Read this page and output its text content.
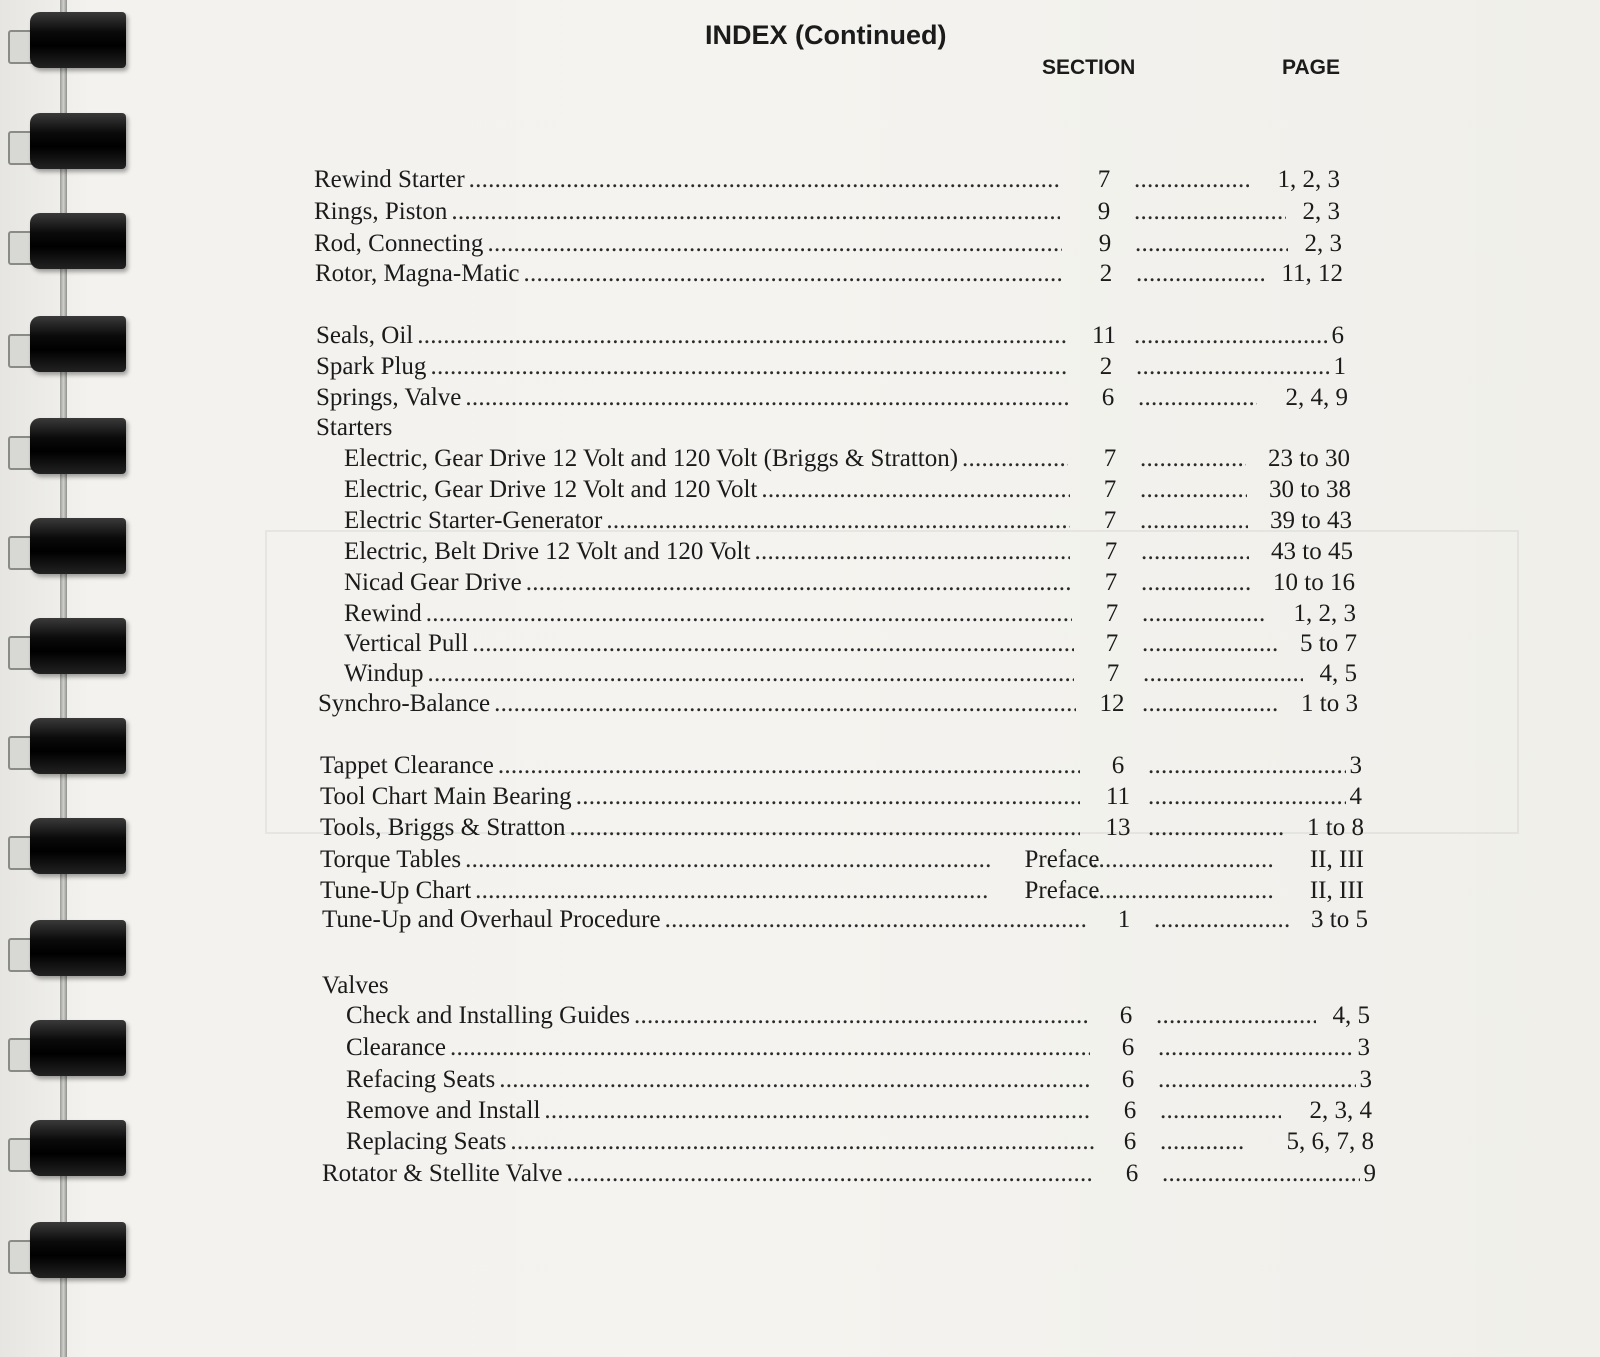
INDEX (Continued)
SECTION	PAGE
Rewind Starter . . .	7 . . .	1, 2, 3
Rings, Piston . . .	9 . . .	2, 3
Rod, Connecting . . .	9 . . .	2, 3
Rotor, Magna-Matic . . .	2 . . .	11, 12
Seals, Oil . . .	11 . . .	6
Spark Plug . . .	2 . . .	1
Springs, Valve . . .	6 . . .	2, 4, 9
Starters
Electric, Gear Drive 12 Volt and 120 Volt (Briggs & Stratton) . . .	7 . . .	23 to 30
Electric, Gear Drive 12 Volt and 120 Volt . . .	7 . . .	30 to 38
Electric Starter-Generator . . .	7 . . .	39 to 43
Electric, Belt Drive 12 Volt and 120 Volt . . .	7 . . .	43 to 45
Nicad Gear Drive . . .	7 . . .	10 to 16
Rewind . . .	7 . . .	1, 2, 3
Vertical Pull . . .	7 . . .	5 to 7
Windup . . .	7 . . .	4, 5
Synchro-Balance . . .	12 . . .	1 to 3
Tappet Clearance . . .	6 . . .	3
Tool Chart Main Bearing . . .	11 . . .	4
Tools, Briggs & Stratton . . .	13 . . .	1 to 8
Torque Tables . . .	Preface . . .	II, III
Tune-Up Chart . . .	Preface . . .	II, III
Tune-Up and Overhaul Procedure . . .	1 . . .	3 to 5
Valves
Check and Installing Guides . . .	6 . . .	4, 5
Clearance . . .	6 . . .	3
Refacing Seats . . .	6 . . .	3
Remove and Install . . .	6 . . .	2, 3, 4
Replacing Seats . . .	6 . . .	5, 6, 7, 8
Rotator & Stellite Valve . . .	6 . . .	9
